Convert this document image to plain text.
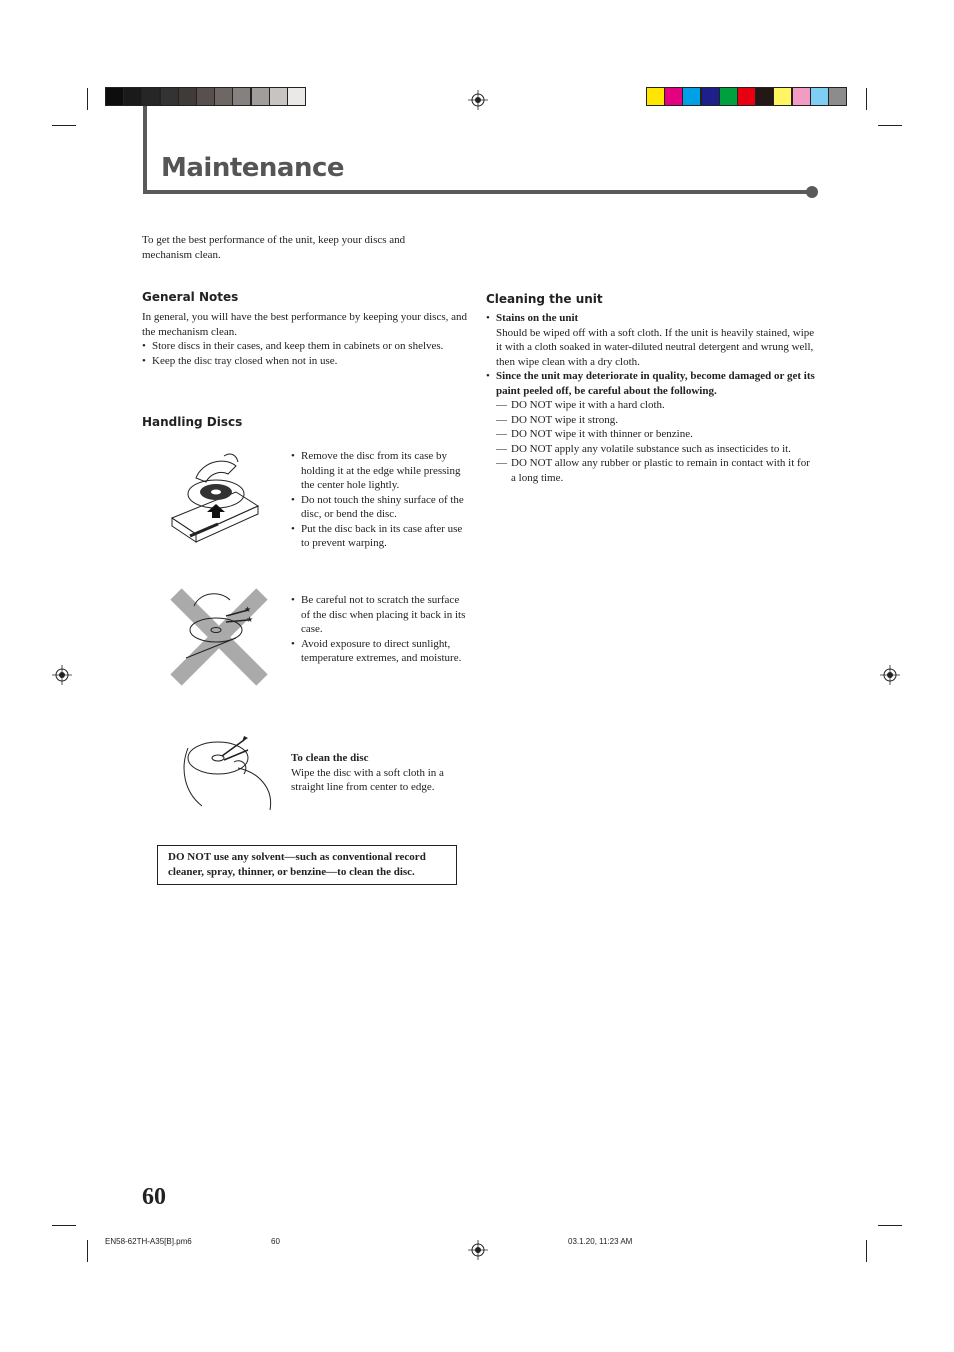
Maintenance
To get the best performance of the unit, keep your discs and mechanism clean.
General Notes
In general, you will have the best performance by keeping your discs, and the mechanism clean.
• Store discs in their cases, and keep them in cabinets or on shelves.
• Keep the disc tray closed when not in use.
Handling Discs
• Remove the disc from its case by holding it at the edge while pressing the center hole lightly.
• Do not touch the shiny surface of the disc, or bend the disc.
• Put the disc back in its case after use to prevent warping.
★
★
• Be careful not to scratch the surface of the disc when placing it back in its case.
• Avoid exposure to direct sunlight, temperature extremes, and moisture.
To clean the disc
Wipe the disc with a soft cloth in a straight line from center to edge.
DO NOT use any solvent—such as conventional record cleaner, spray, thinner, or benzine—to clean the disc.
Cleaning the unit
• Stains on the unit
Should be wiped off with a soft cloth. If the unit is heavily stained, wipe it with a cloth soaked in water-diluted neutral detergent and wrung well, then wipe clean with a dry cloth.
• Since the unit may deteriorate in quality, become damaged or get its paint peeled off, be careful about the following.
— DO NOT wipe it with a hard cloth.
— DO NOT wipe it strong.
— DO NOT wipe it with thinner or benzine.
— DO NOT apply any volatile substance such as insecticides to it.
— DO NOT allow any rubber or plastic to remain in contact with it for a long time.
60
EN58-62TH-A35[B].pm6	60	03.1.20, 11:23 AM
